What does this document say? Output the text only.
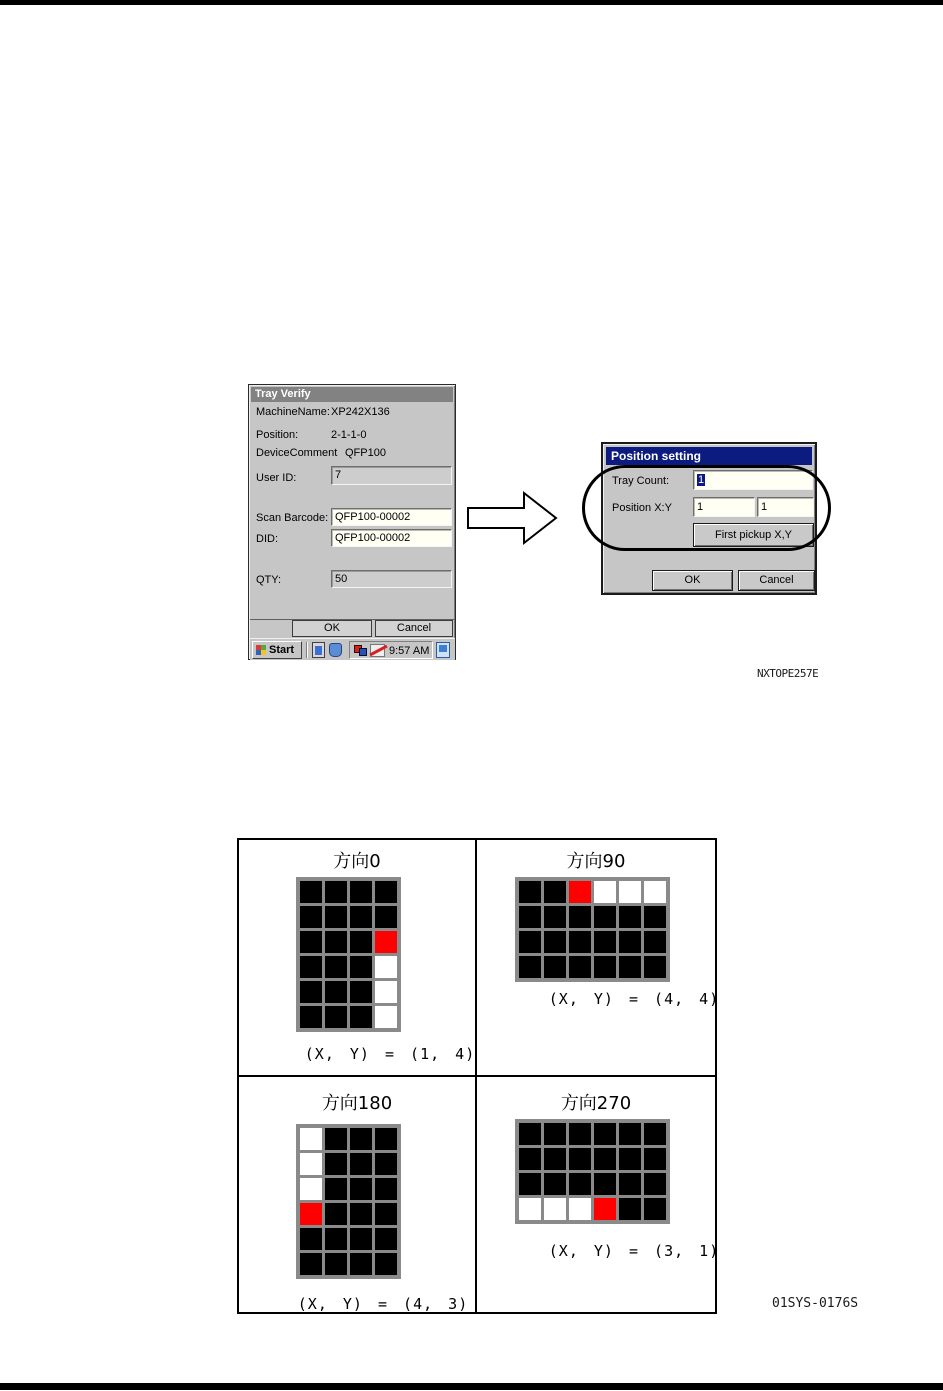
Tray Verify
MachineName: XP242X136
Position:	2-1-1-0
DeviceComment QFP100
User ID:	7
Scan Barcode: QFP100-00002
DID:	QFP100-00002
QTY:	50
OK	Cancel
Start	9:57 AM
Position setting
Tray Count:	1
Position X:Y	1	1
First pickup X,Y
OK	Cancel
NXTOPE257E
方向0
(X, Y) = (1, 4)
方向90
(X, Y) = (4, 4)
方向180
(X, Y) = (4, 3)
方向270
(X, Y) = (3, 1)
01SYS-0176S
